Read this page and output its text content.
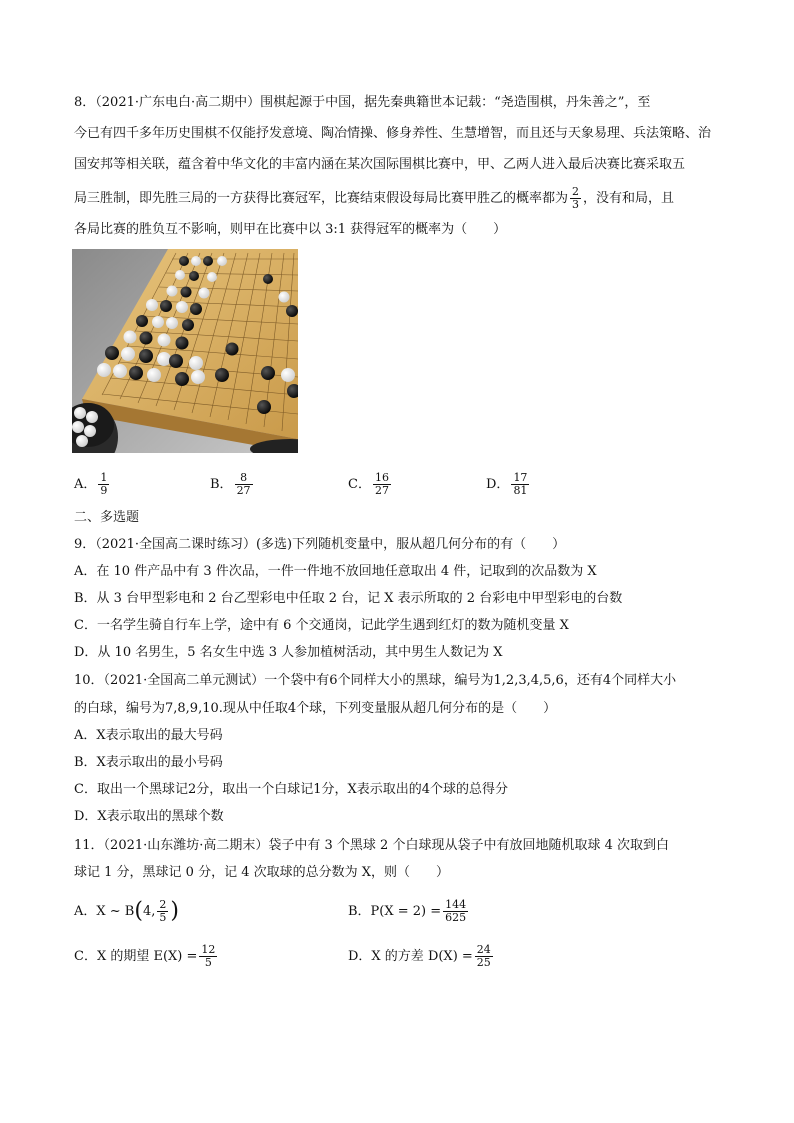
8．（2021·广东电白·高二期中）围棋起源于中国，据先秦典籍世本记载：“尧造围棋，丹朱善之”，至
今已有四千多年历史围棋不仅能抒发意境、陶冶情操、修身养性、生慧增智，而且还与天象易理、兵法策略、治
国安邦等相关联，蕴含着中华文化的丰富内涵在某次国际围棋比赛中，甲、乙两人进入最后决赛比赛采取五
局三胜制，即先胜三局的一方获得比赛冠军，比赛结束假设每局比赛甲胜乙的概率都为 $\frac{2}{3}$ ，没有和局，且
各局比赛的胜负互不影响，则甲在比赛中以 3:1 获得冠军的概率为（　　）
A． $\frac{1}{9}$	B． $\frac{8}{27}$	C． $\frac{16}{27}$	D． $\frac{17}{81}$
二、多选题
9．（2021·全国高二课时练习）(多选)下列随机变量中，服从超几何分布的有（　　）
A．在 10 件产品中有 3 件次品，一件一件地不放回地任意取出 4 件，记取到的次品数为 X
B．从 3 台甲型彩电和 2 台乙型彩电中任取 2 台，记 X 表示所取的 2 台彩电中甲型彩电的台数
C．一名学生骑自行车上学，途中有 6 个交通岗，记此学生遇到红灯的数为随机变量 X
D．从 10 名男生，5 名女生中选 3 人参加植树活动，其中男生人数记为 X
10．（2021·全国高二单元测试）一个袋中有6个同样大小的黑球，编号为1,2,3,4,5,6，还有4个同样大小
的白球，编号为7,8,9,10.现从中任取4个球，下列变量服从超几何分布的是（　　）
A．X表示取出的最大号码
B．X表示取出的最小号码
C．取出一个黑球记2分，取出一个白球记1分，X表示取出的4个球的总得分
D．X表示取出的黑球个数
11．（2021·山东潍坊·高二期末）袋子中有 3 个黑球 2 个白球现从袋子中有放回地随机取球 4 次取到白
球记 1 分，黑球记 0 分，记 4 次取球的总分数为 X，则（　　）
A．X ~ B(4, $\frac{2}{5}$ )	B．$P(X = 2) = \frac{144}{625}$
C．X 的期望 $E(X) = \frac{12}{5}$	D．X 的方差 $D(X) = \frac{24}{25}$
